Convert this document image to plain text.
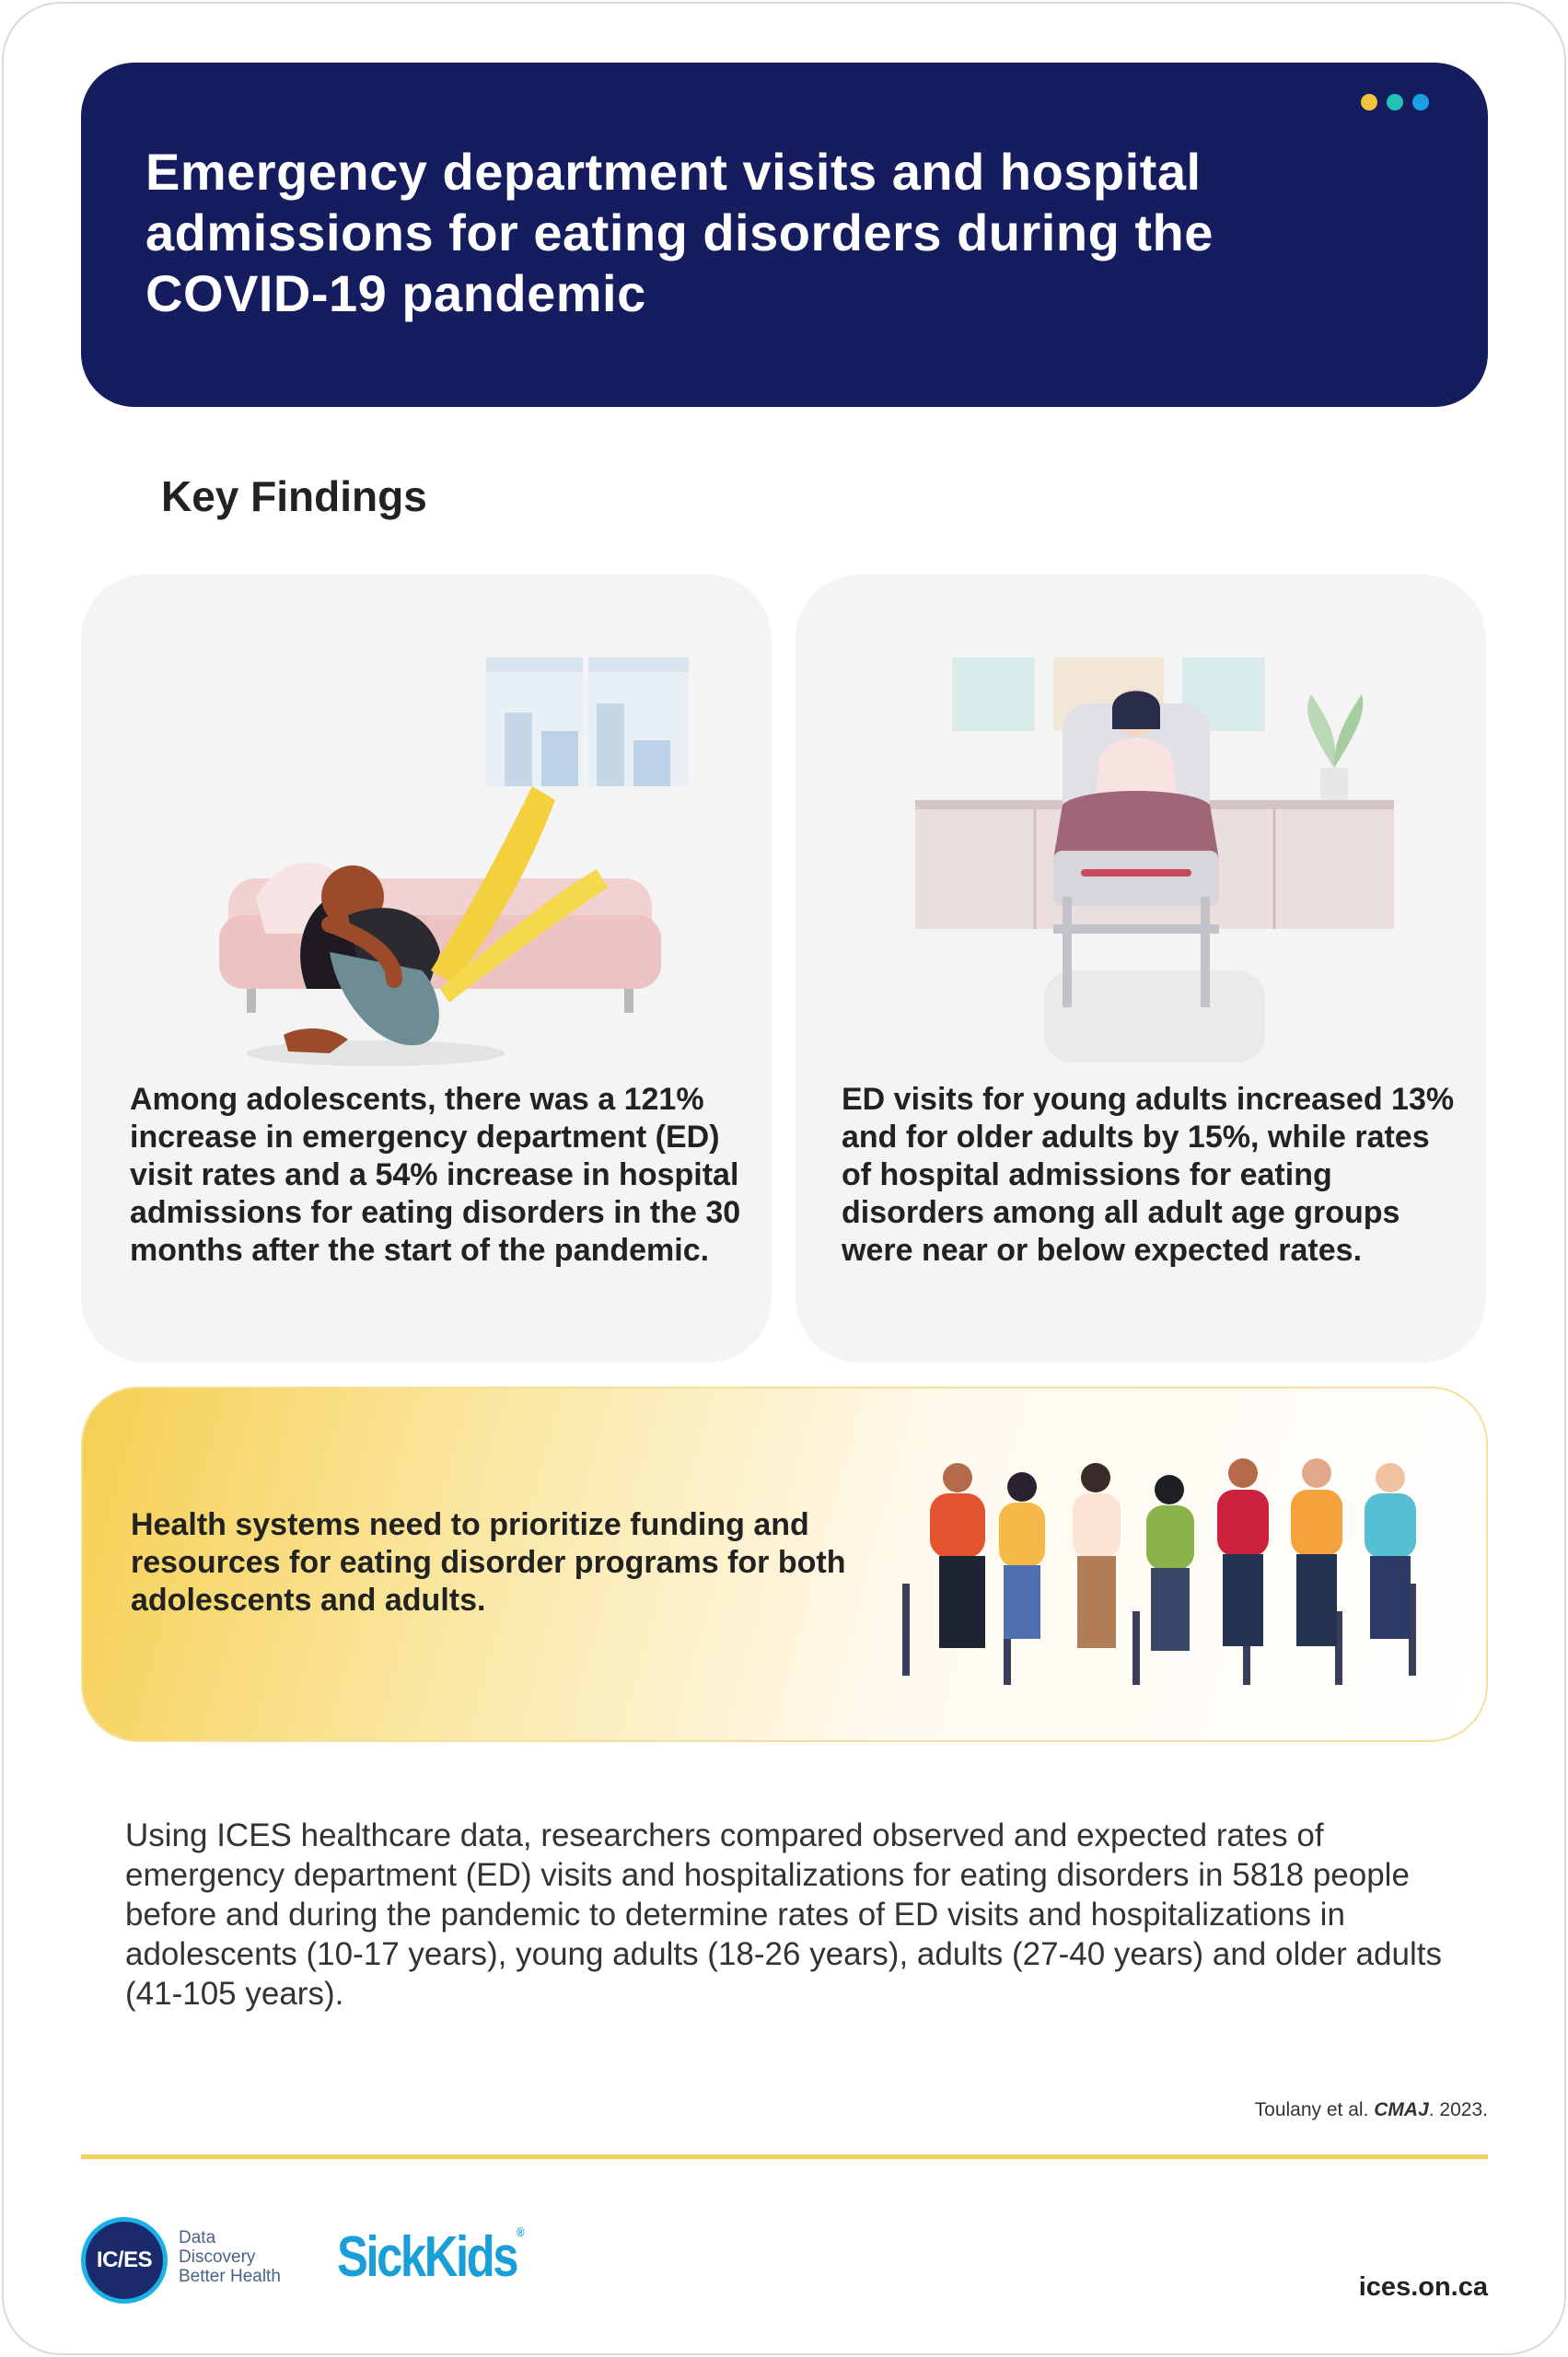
Emergency department visits and hospital admissions for eating disorders during the COVID-19 pandemic
Key Findings

Among adolescents, there was a 121% increase in emergency department (ED) visit rates and a 54% increase in hospital admissions for eating disorders in the 30 months after the start of the pandemic.

ED visits for young adults increased 13% and for older adults by 15%, while rates of hospital admissions for eating disorders among all adult age groups were near or below expected rates.

Health systems need to prioritize funding and resources for eating disorder programs for both adolescents and adults.

Using ICES healthcare data, researchers compared observed and expected rates of emergency department (ED) visits and hospitalizations for eating disorders in 5818 people before and during the pandemic to determine rates of ED visits and hospitalizations in adolescents (10-17 years), young adults (18-26 years), adults (27-40 years) and older adults (41-105 years).

Toulany et al. CMAJ. 2023.
IC/ES
Data
Discovery
Better Health SickKids®
ices.on.ca
